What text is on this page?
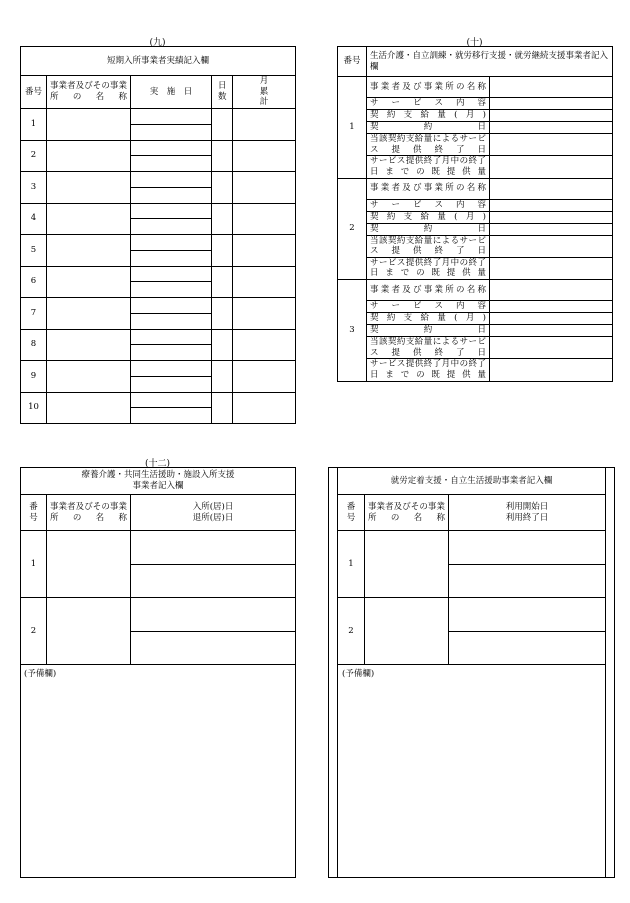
(九)
短期入所事業者実績記入欄				
番号	事業者及びその事業所の名称	実　施　日	日数	月累計
1		

2		

3		

4		

5		

6		

7		

8		

9		

10		

(十)
番号	生活介護・自立訓練・就労移行支援・就労継続支援事業者記入欄	
1	事業者及び事業所の名称	
	サービス内容	
	契約支給量(月)	
	契約日	
	当該契約支給量によるサービス提供終了日	
	サービス提供終了月中の終了日までの既提供量	
2	事業者及び事業所の名称	
	サービス内容	
	契約支給量(月)	
	契約日	
	当該契約支給量によるサービス提供終了日	
	サービス提供終了月中の終了日までの既提供量	
3	事業者及び事業所の名称	
	サービス内容	
	契約支給量(月)	
	契約日	
	当該契約支給量によるサービス提供終了日	
	サービス提供終了月中の終了日までの既提供量	
(十二)
療養介護・共同生活援助・施設入所支援事業者記入欄		
番号	事業者及びその事業所の名称	入所(居)日
退所(居)日
1		

2		
(予備欄)
	就労定着支援・自立生活援助事業者記入欄			
	番号	事業者及びその事業所の名称	利用開始日
利用終了日	
	1			

	2			
(予備欄)
